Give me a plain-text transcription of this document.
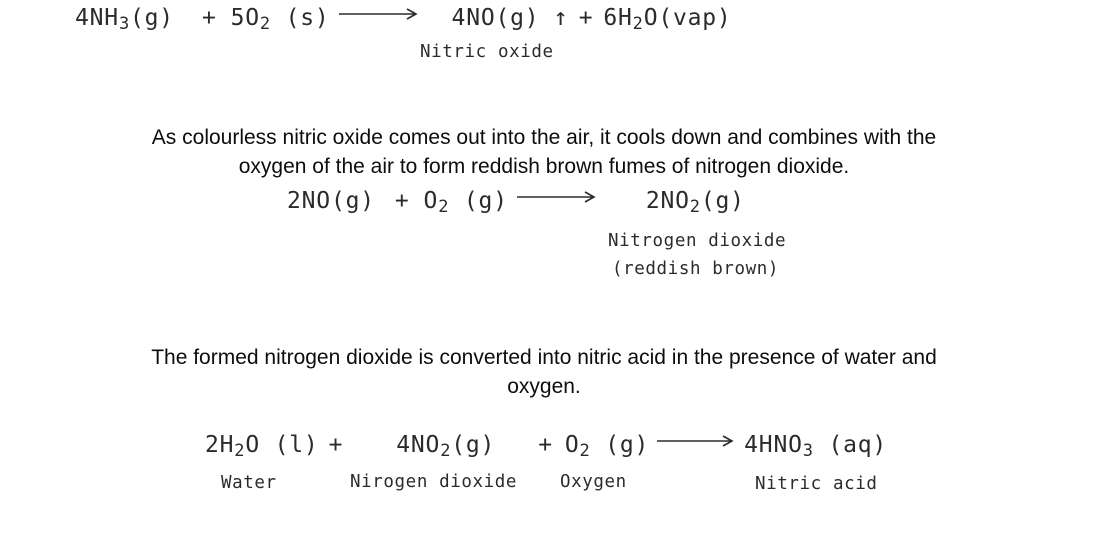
$4NH_3(g) + 5O_2$ (s) →
4NO(g) ↑ + $6H_2O(vap)$
Nitric oxide
As colourless nitric oxide comes out into the air, it cools down and combines with the
oxygen of the air to form reddish brown fumes of nitrogen dioxide.
$2NO(g) + O_2$ (g) →
$2NO_2(g)$
Nitrogen dioxide
(reddish brown)
The formed nitrogen dioxide is converted into nitric acid in the presence of water and
oxygen.
$2H_2O$ $(l) + 4NO_2(g) + O_2$ (g) →
$4HNO_3$ (aq)
Water	Nirogen dioxide Oxygen	Nitric acid
